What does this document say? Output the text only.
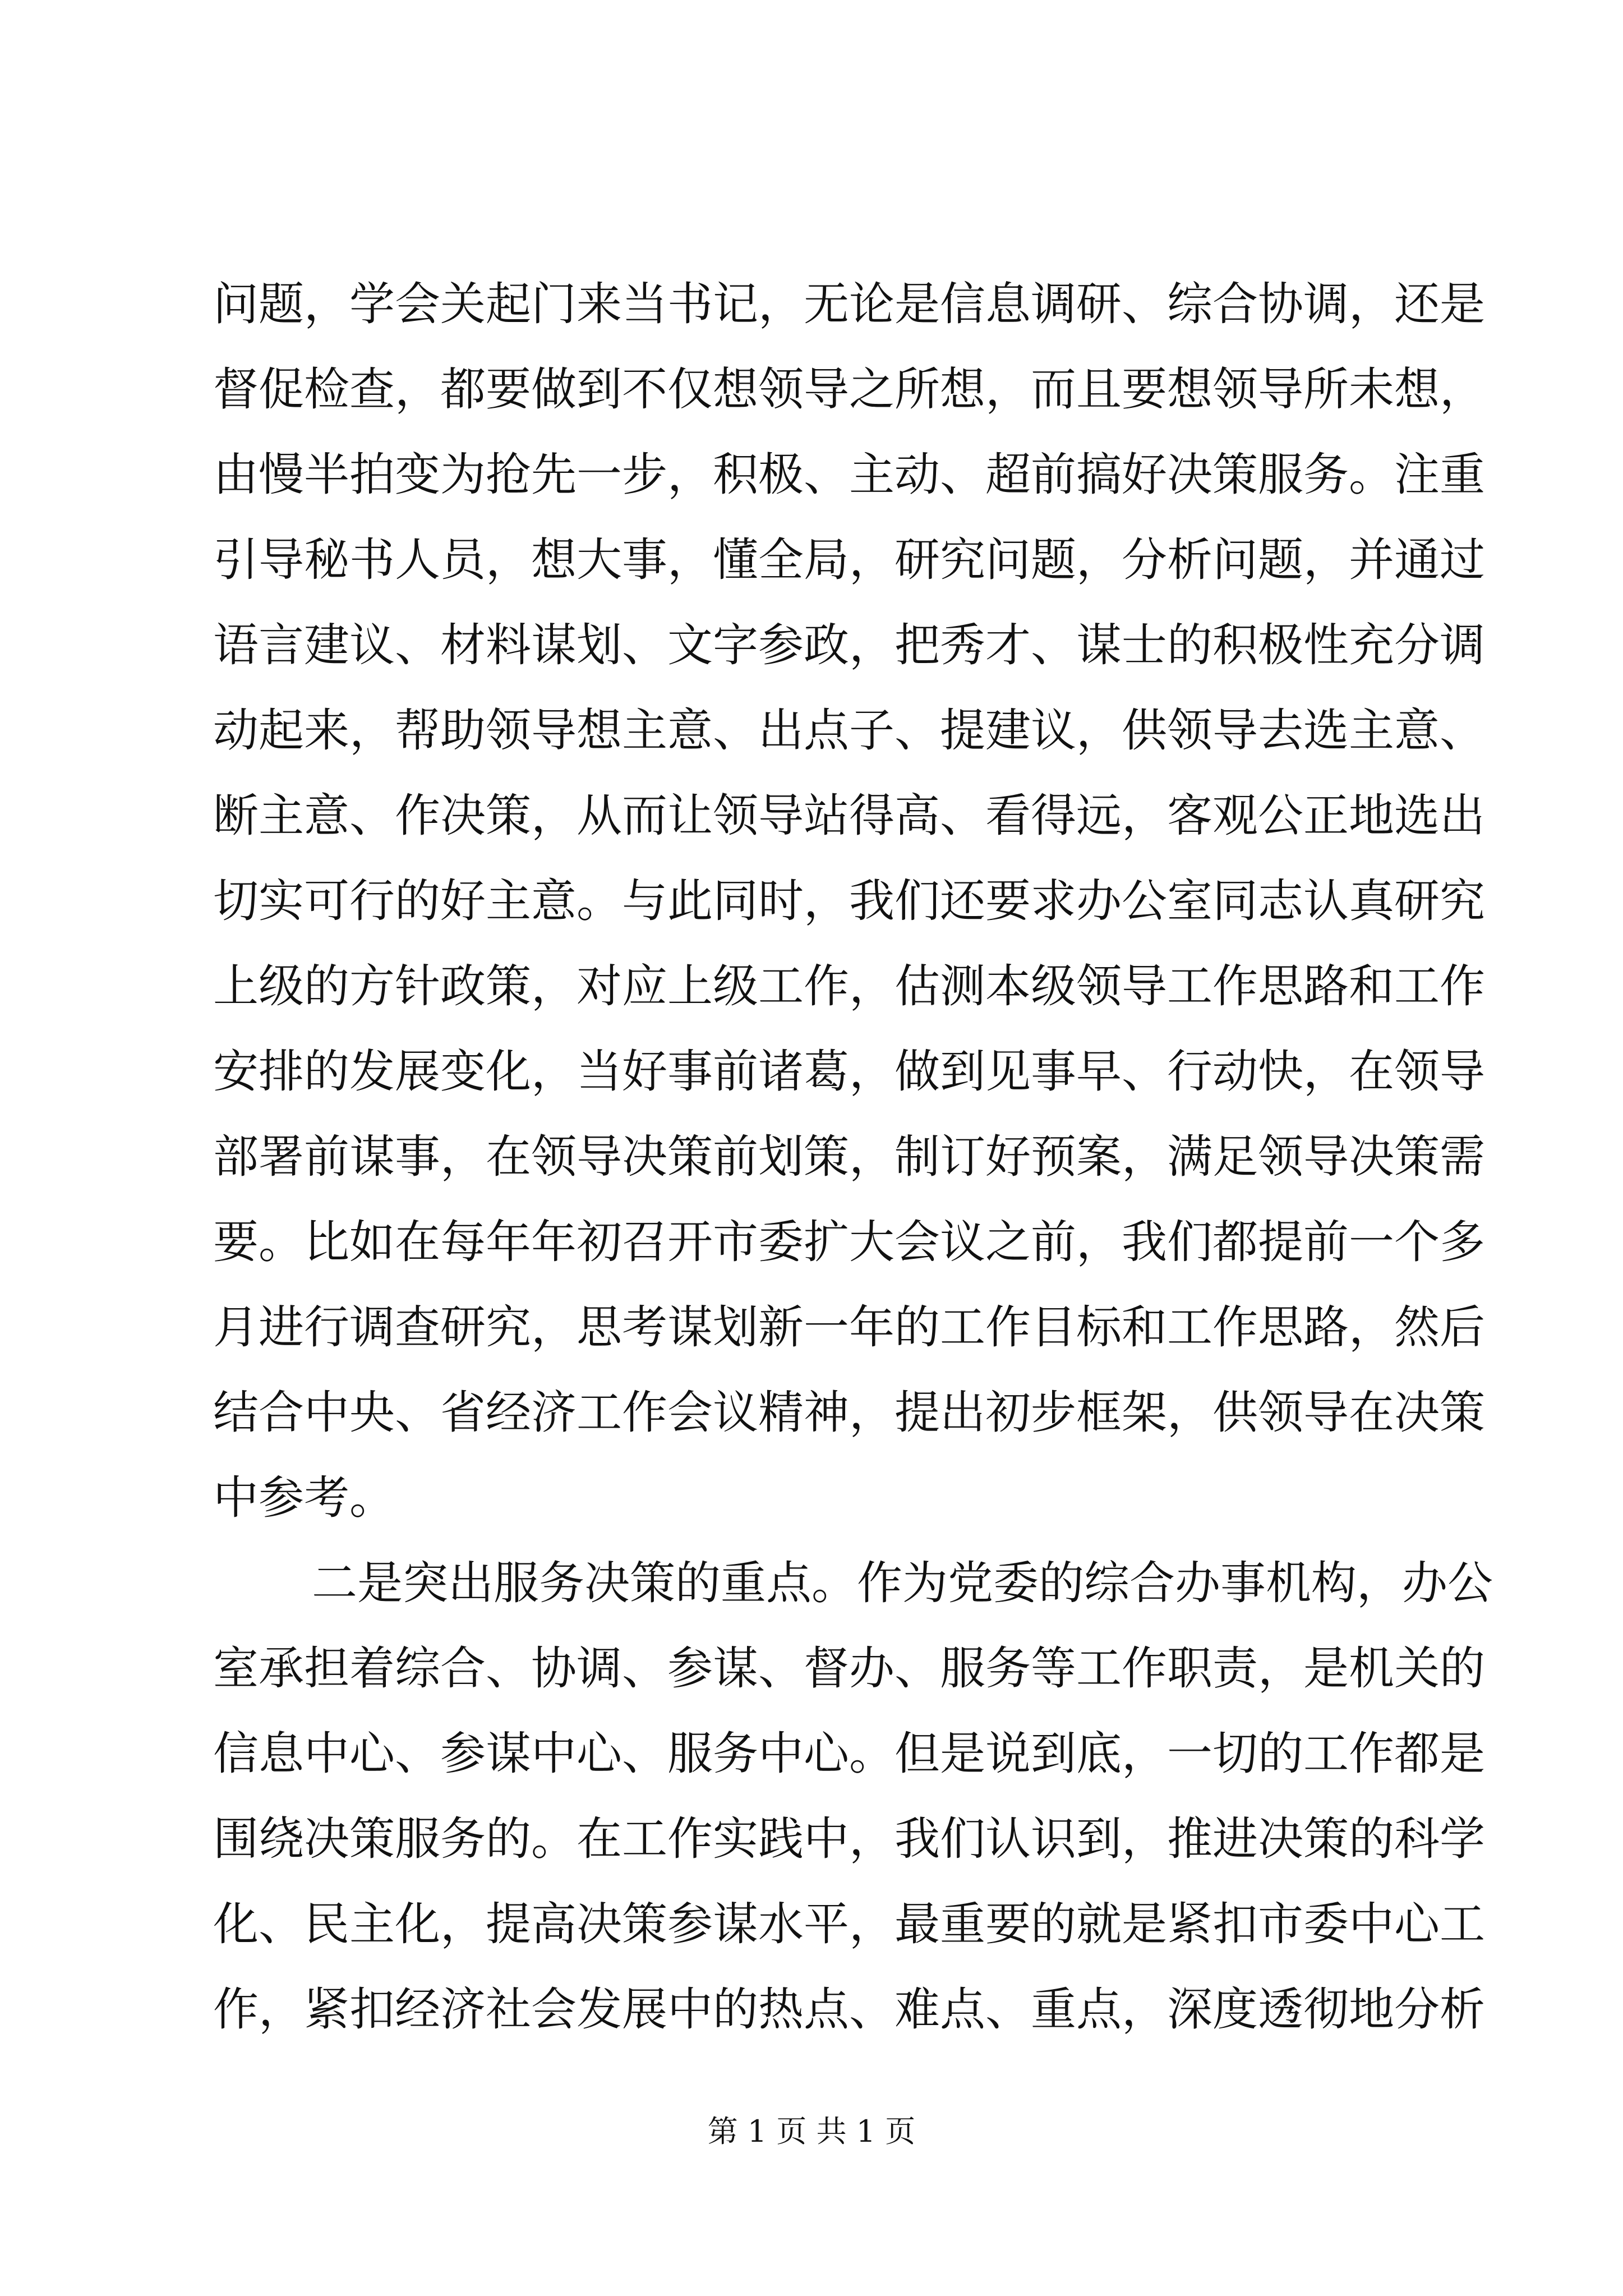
问题，学会关起门来当书记，无论是信息调研、综合协调，还是
督促检查，都要做到不仅想领导之所想，而且要想领导所未想，
由慢半拍变为抢先一步，积极、主动、超前搞好决策服务。注重
引导秘书人员，想大事，懂全局，研究问题，分析问题，并通过
语言建议、材料谋划、文字参政，把秀才、谋士的积极性充分调
动起来，帮助领导想主意、出点子、提建议，供领导去选主意、
断主意、作决策，从而让领导站得高、看得远，客观公正地选出
切实可行的好主意。与此同时，我们还要求办公室同志认真研究
上级的方针政策，对应上级工作，估测本级领导工作思路和工作
安排的发展变化，当好事前诸葛，做到见事早、行动快，在领导
部署前谋事，在领导决策前划策，制订好预案，满足领导决策需
要。比如在每年年初召开市委扩大会议之前，我们都提前一个多
月进行调查研究，思考谋划新一年的工作目标和工作思路，然后
结合中央、省经济工作会议精神，提出初步框架，供领导在决策
中参考。
二是突出服务决策的重点。作为党委的综合办事机构，办公
室承担着综合、协调、参谋、督办、服务等工作职责，是机关的
信息中心、参谋中心、服务中心。但是说到底，一切的工作都是
围绕决策服务的。在工作实践中，我们认识到，推进决策的科学
化、民主化，提高决策参谋水平，最重要的就是紧扣市委中心工
作，紧扣经济社会发展中的热点、难点、重点，深度透彻地分析
第 1 页 共 1 页
